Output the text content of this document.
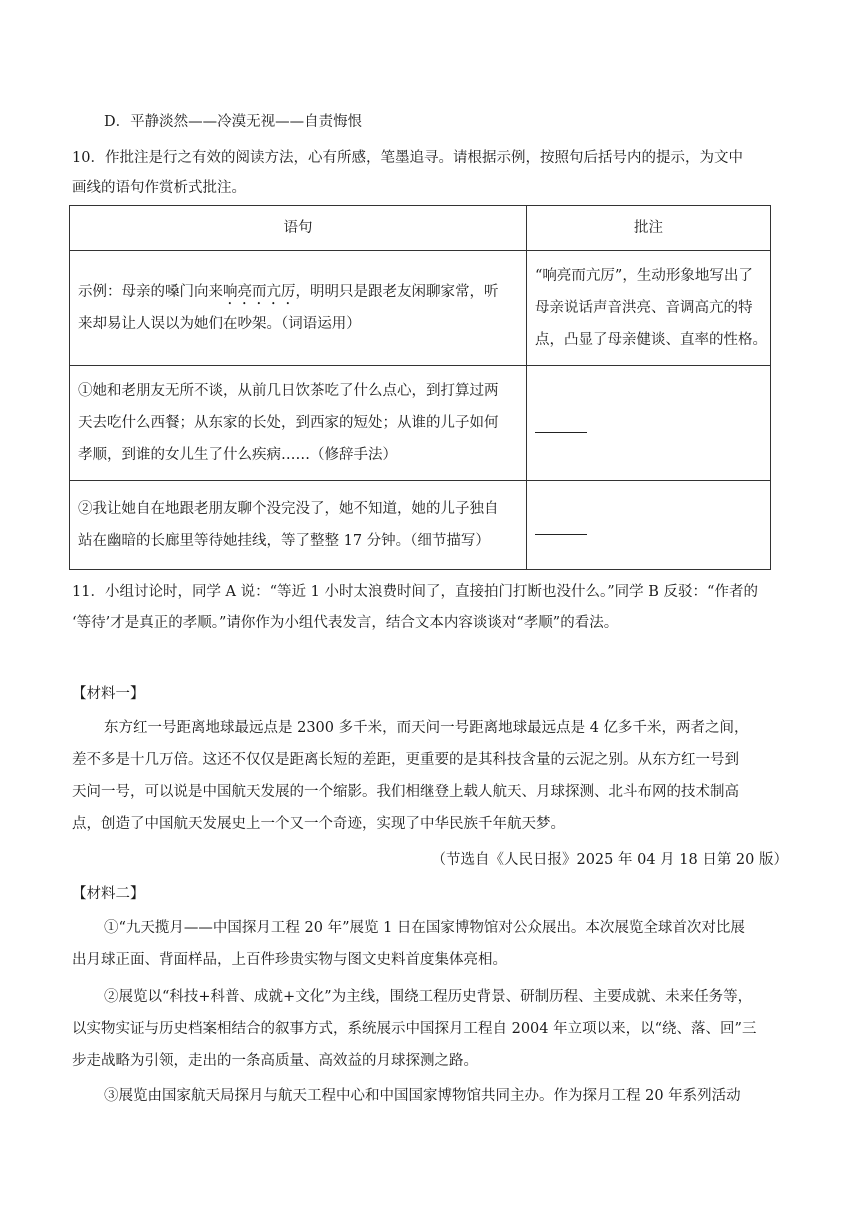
D．平静淡然——冷漠无视——自责悔恨
10．作批注是行之有效的阅读方法，心有所感，笔墨追寻。请根据示例，按照句后括号内的提示，为文中
画线的语句作赏析式批注。
语句	批注

示例：母亲的嗓门向来响亮而亢厉，明明只是跟老友闲聊家常，听
来却易让人误以为她们在吵架。（词语运用）	“响亮而亢厉”，生动形象地写出了
母亲说话声音洪亮、音调高亢的特
点，凸显了母亲健谈、直率的性格。

①她和老朋友无所不谈，从前几日饮茶吃了什么点心，到打算过两
天去吃什么西餐；从东家的长处，到西家的短处；从谁的儿子如何
孝顺，到谁的女儿生了什么疾病……（修辞手法）	

②我让她自在地跟老朋友聊个没完没了，她不知道，她的儿子独自
站在幽暗的长廊里等待她挂线，等了整整 17 分钟。（细节描写）	

11．小组讨论时，同学 A 说：“等近 1 小时太浪费时间了，直接拍门打断也没什么。”同学 B 反驳：“作者的
‘等待’才是真正的孝顺。”请你作为小组代表发言，结合文本内容谈谈对“孝顺”的看法。
【材料一】
东方红一号距离地球最远点是 2300 多千米，而天问一号距离地球最远点是 4 亿多千米，两者之间，
差不多是十几万倍。这还不仅仅是距离长短的差距，更重要的是其科技含量的云泥之别。从东方红一号到
天问一号，可以说是中国航天发展的一个缩影。我们相继登上载人航天、月球探测、北斗布网的技术制高
点，创造了中国航天发展史上一个又一个奇迹，实现了中华民族千年航天梦。
（节选自《人民日报》2025 年 04 月 18 日第 20 版）
【材料二】
①“九天揽月——中国探月工程 20 年”展览 1 日在国家博物馆对公众展出。本次展览全球首次对比展
出月球正面、背面样品，上百件珍贵实物与图文史料首度集体亮相。
②展览以“科技+科普、成就+文化”为主线，围绕工程历史背景、研制历程、主要成就、未来任务等，
以实物实证与历史档案相结合的叙事方式，系统展示中国探月工程自 2004 年立项以来，以“绕、落、回”三
步走战略为引领，走出的一条高质量、高效益的月球探测之路。
③展览由国家航天局探月与航天工程中心和中国国家博物馆共同主办。作为探月工程 20 年系列活动
